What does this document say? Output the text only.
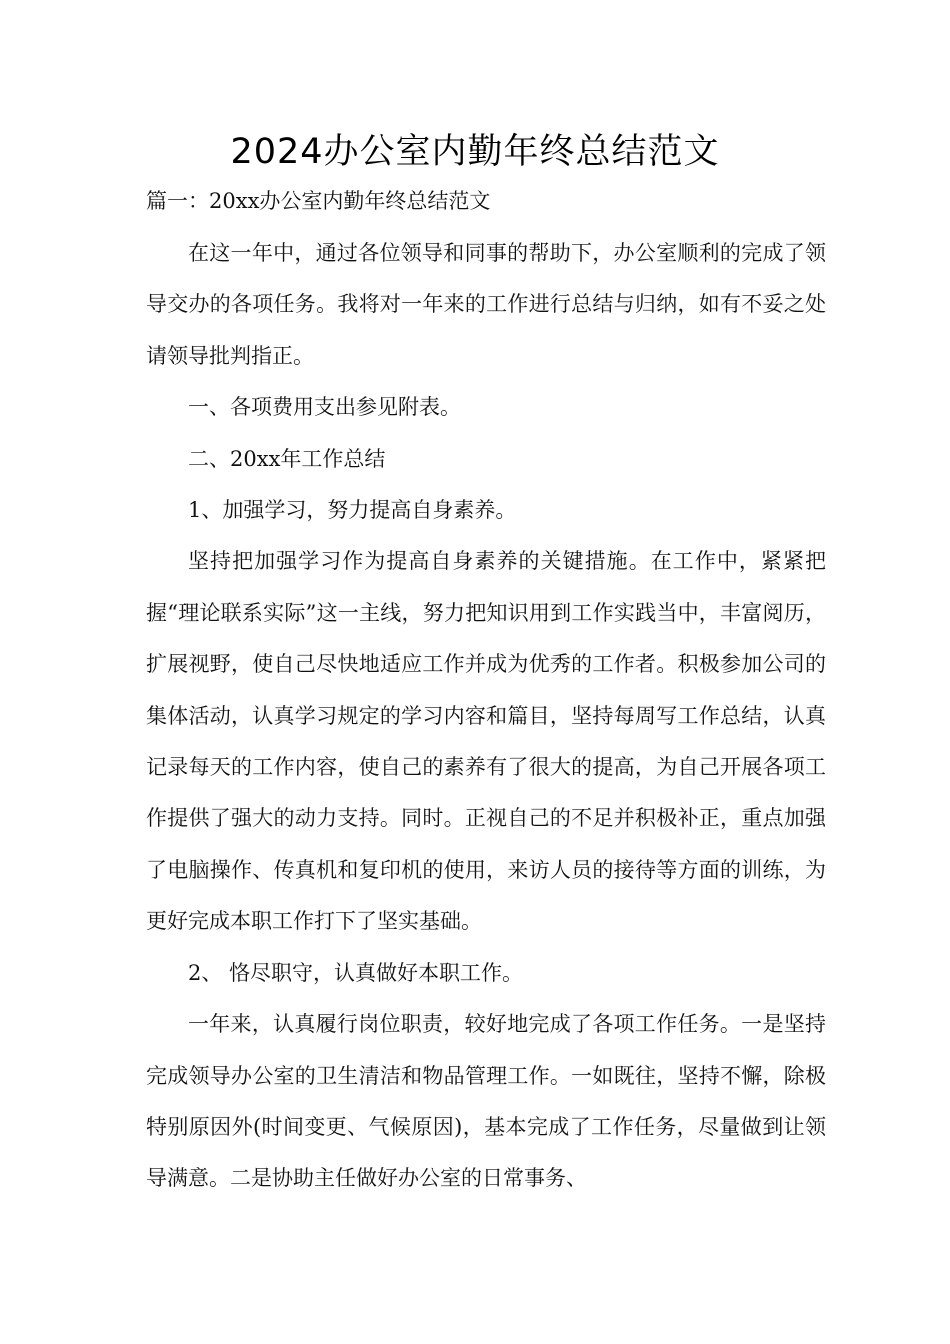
2024办公室内勤年终总结范文
篇一：20xx办公室内勤年终总结范文

在这一年中，通过各位领导和同事的帮助下，办公室顺利的完成了领导交办的各项任务。我将对一年来的工作进行总结与归纳，如有不妥之处请领导批判指正。

一、各项费用支出参见附表。

二、20xx年工作总结

1、加强学习，努力提高自身素养。

坚持把加强学习作为提高自身素养的关键措施。在工作中，紧紧把握“理论联系实际”这一主线，努力把知识用到工作实践当中，丰富阅历，扩展视野，使自己尽快地适应工作并成为优秀的工作者。积极参加公司的集体活动，认真学习规定的学习内容和篇目，坚持每周写工作总结，认真记录每天的工作内容，使自己的素养有了很大的提高，为自己开展各项工作提供了强大的动力支持。同时。正视自己的不足并积极补正，重点加强了电脑操作、传真机和复印机的使用，来访人员的接待等方面的训练，为更好完成本职工作打下了坚实基础。

2、 恪尽职守，认真做好本职工作。

一年来，认真履行岗位职责，较好地完成了各项工作任务。一是坚持完成领导办公室的卫生清洁和物品管理工作。一如既往，坚持不懈，除极特别原因外(时间变更、气候原因)，基本完成了工作任务，尽量做到让领导满意。二是协助主任做好办公室的日常事务、
